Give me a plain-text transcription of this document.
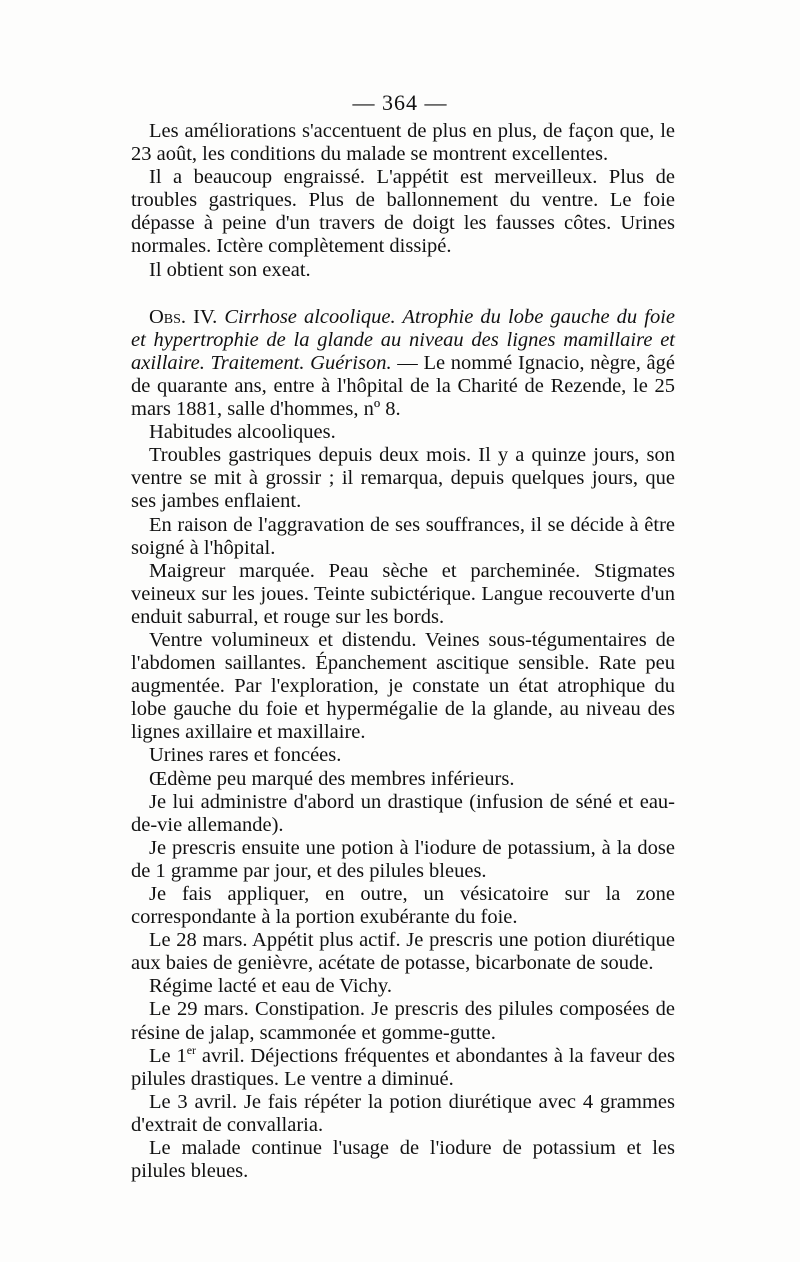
— 364 —

Les améliorations s'accentuent de plus en plus, de façon que, le 23 août, les conditions du malade se montrent excellentes.

Il a beaucoup engraissé. L'appétit est merveilleux. Plus de troubles gastriques. Plus de ballonnement du ventre. Le foie dépasse à peine d'un travers de doigt les fausses côtes. Urines normales. Ictère complètement dissipé.

Il obtient son exeat.

Obs. IV. Cirrhose alcoolique. Atrophie du lobe gauche du foie et hypertrophie de la glande au niveau des lignes mamillaire et axillaire. Traitement. Guérison. — Le nommé Ignacio, nègre, âgé de quarante ans, entre à l'hôpital de la Charité de Rezende, le 25 mars 1881, salle d'hommes, nº 8.

Habitudes alcooliques.

Troubles gastriques depuis deux mois. Il y a quinze jours, son ventre se mit à grossir ; il remarqua, depuis quelques jours, que ses jambes enflaient.

En raison de l'aggravation de ses souffrances, il se décide à être soigné à l'hôpital.

Maigreur marquée. Peau sèche et parcheminée. Stigmates veineux sur les joues. Teinte subictérique. Langue recouverte d'un enduit saburral, et rouge sur les bords.

Ventre volumineux et distendu. Veines sous-tégumentaires de l'abdomen saillantes. Épanchement ascitique sensible. Rate peu augmentée. Par l'exploration, je constate un état atrophique du lobe gauche du foie et hypermégalie de la glande, au niveau des lignes axillaire et maxillaire.

Urines rares et foncées.

Œdème peu marqué des membres inférieurs.

Je lui administre d'abord un drastique (infusion de séné et eau-de-vie allemande).

Je prescris ensuite une potion à l'iodure de potassium, à la dose de 1 gramme par jour, et des pilules bleues.

Je fais appliquer, en outre, un vésicatoire sur la zone correspondante à la portion exubérante du foie.

Le 28 mars. Appétit plus actif. Je prescris une potion diurétique aux baies de genièvre, acétate de potasse, bicarbonate de soude.

Régime lacté et eau de Vichy.

Le 29 mars. Constipation. Je prescris des pilules composées de résine de jalap, scammonée et gomme-gutte.

Le 1er avril. Déjections fréquentes et abondantes à la faveur des pilules drastiques. Le ventre a diminué.

Le 3 avril. Je fais répéter la potion diurétique avec 4 grammes d'extrait de convallaria.

Le malade continue l'usage de l'iodure de potassium et les pilules bleues.
